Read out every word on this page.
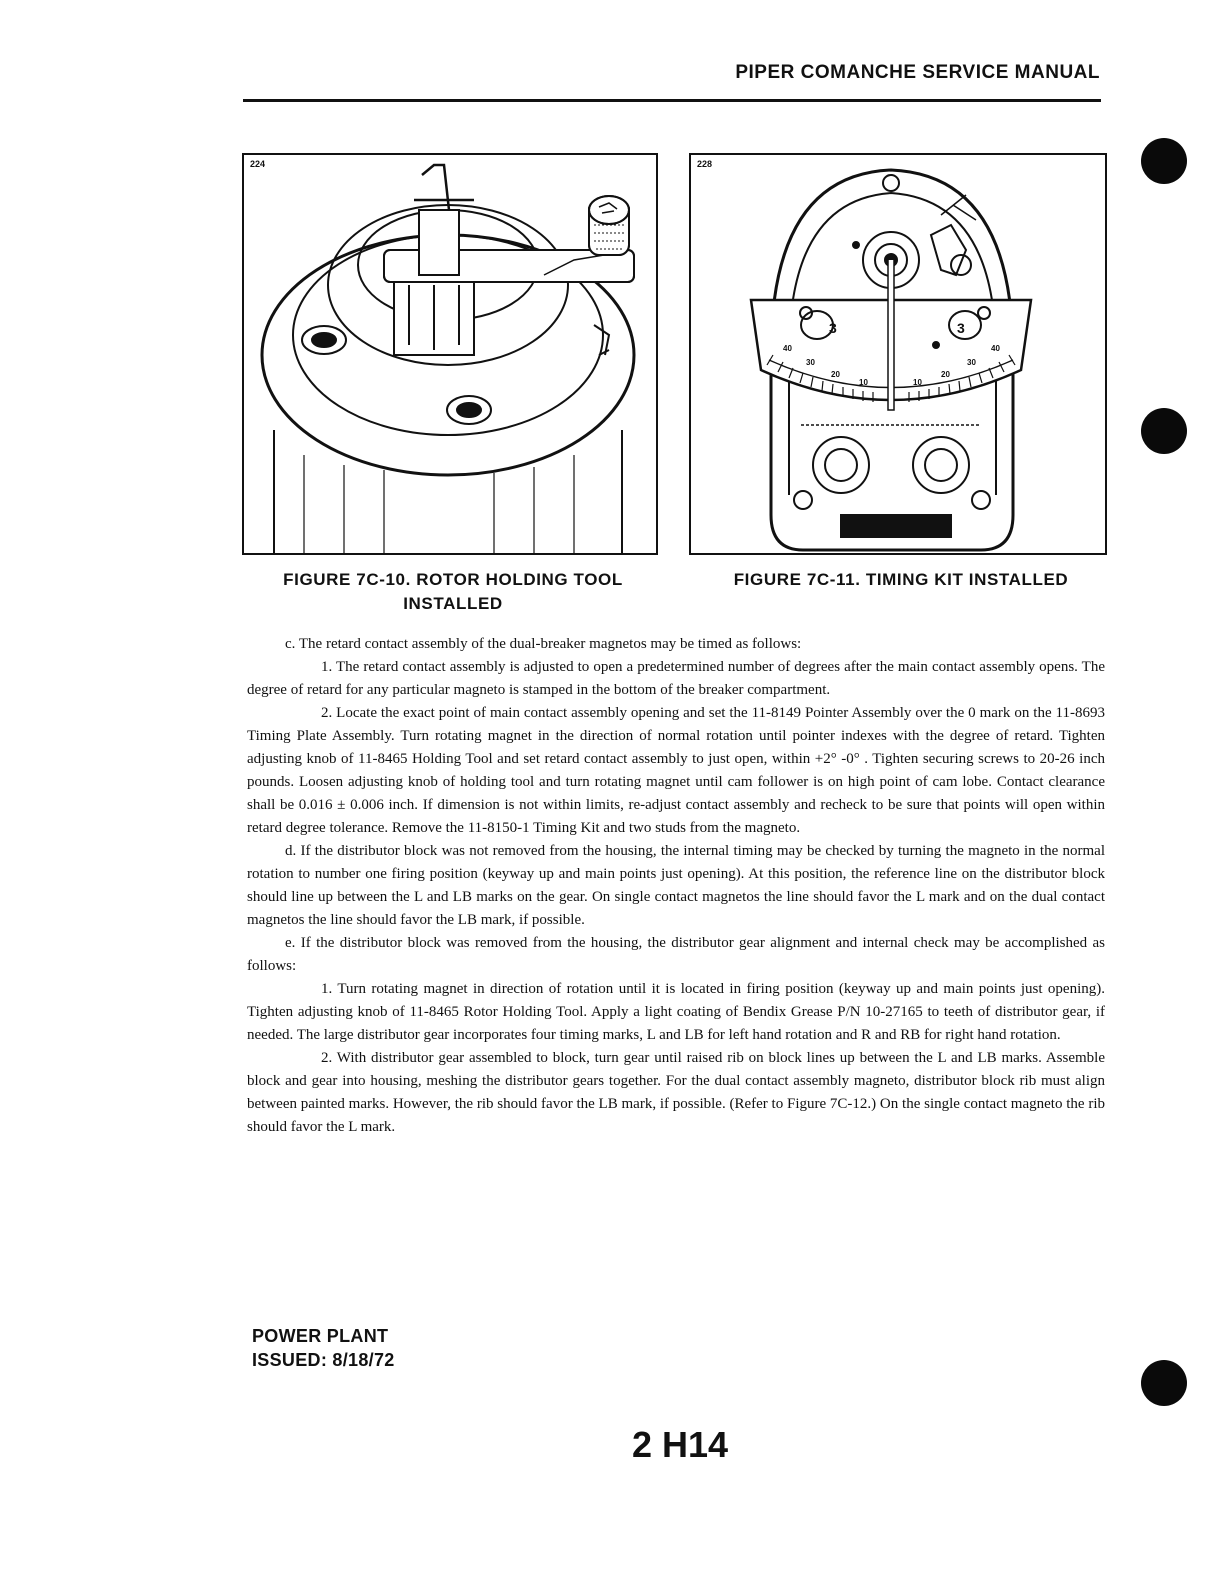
PIPER COMANCHE SERVICE MANUAL
224	228
3	3
40
30
20
10	10
20
30
40
FIGURE 7C-10. ROTOR HOLDING TOOL
INSTALLED
FIGURE 7C-11. TIMING KIT INSTALLED

c. The retard contact assembly of the dual-breaker magnetos may be timed as follows:

1. The retard contact assembly is adjusted to open a predetermined number of degrees after the main contact assembly opens. The degree of retard for any particular magneto is stamped in the bottom of the breaker compartment.

2. Locate the exact point of main contact assembly opening and set the 11-8149 Pointer Assembly over the 0 mark on the 11-8693 Timing Plate Assembly. Turn rotating magnet in the direction of normal rotation until pointer indexes with the degree of retard. Tighten adjusting knob of 11-8465 Holding Tool and set retard contact assembly to just open, within +2° -0° . Tighten securing screws to 20-26 inch pounds. Loosen adjusting knob of holding tool and turn rotating magnet until cam follower is on high point of cam lobe. Contact clearance shall be 0.016 ± 0.006 inch. If dimension is not within limits, re-adjust contact assembly and recheck to be sure that points will open within retard degree tolerance. Remove the 11-8150-1 Timing Kit and two studs from the magneto.

d. If the distributor block was not removed from the housing, the internal timing may be checked by turning the magneto in the normal rotation to number one firing position (keyway up and main points just opening). At this position, the reference line on the distributor block should line up between the L and LB marks on the gear. On single contact magnetos the line should favor the L mark and on the dual contact magnetos the line should favor the LB mark, if possible.

e. If the distributor block was removed from the housing, the distributor gear alignment and internal check may be accomplished as follows:

1. Turn rotating magnet in direction of rotation until it is located in firing position (keyway up and main points just opening). Tighten adjusting knob of 11-8465 Rotor Holding Tool. Apply a light coating of Bendix Grease P/N 10-27165 to teeth of distributor gear, if needed. The large distributor gear incorporates four timing marks, L and LB for left hand rotation and R and RB for right hand rotation.

2. With distributor gear assembled to block, turn gear until raised rib on block lines up between the L and LB marks. Assemble block and gear into housing, meshing the distributor gears together. For the dual contact assembly magneto, distributor block rib must align between painted marks. However, the rib should favor the LB mark, if possible. (Refer to Figure 7C-12.) On the single contact magneto the rib should favor the L mark.

POWER PLANT
ISSUED: 8/18/72
2 H14
